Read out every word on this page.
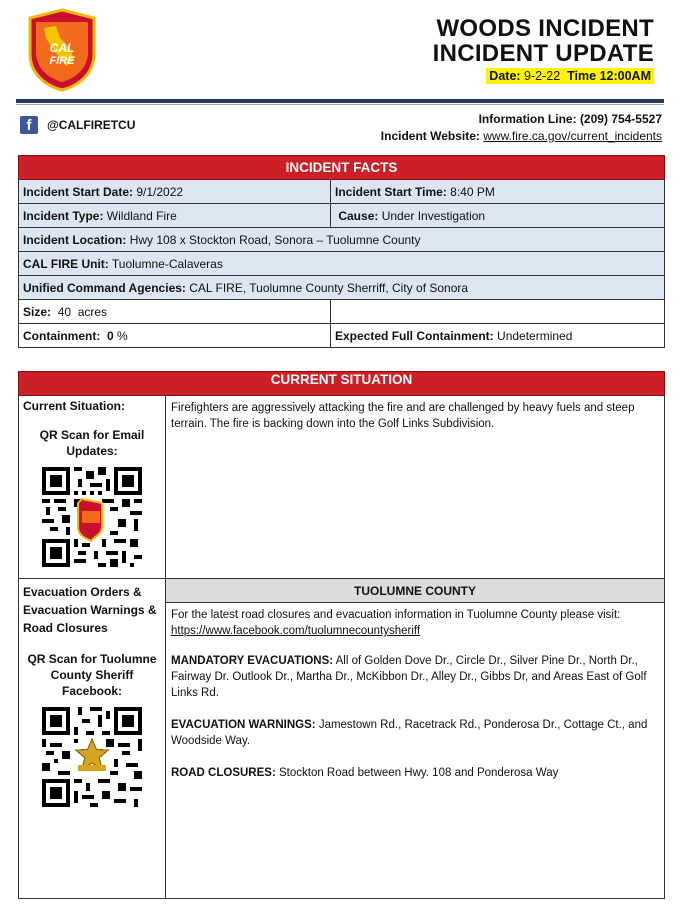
CAL
FIRE
WOODS INCIDENT
INCIDENT UPDATE
Date: 9-2-22 Time 12:00AM
f	@CALFIRETCU	Information Line: (209) 754-5527
Incident Website: www.fire.ca.gov/current_incidents
INCIDENT FACTS	
Incident Start Date: 9/1/2022	Incident Start Time: 8:40 PM
Incident Type: Wildland Fire	Cause: Under Investigation
Incident Location: Hwy 108 x Stockton Road, Sonora – Tuolumne County	
CAL FIRE Unit: Tuolumne-Calaveras	
Unified Command Agencies: CAL FIRE, Tuolumne County Sherriff, City of Sonora	
Size: 40  acres	
Containment: 0 %	Expected Full Containment: Undetermined
CURRENT SITUATION	

Current Situation:
QR Scan for Email Updates:	Firefighters are aggressively attacking the fire and are challenged by heavy fuels and steep terrain. The fire is backing down into the Golf Links Subdivision.

Evacuation Orders & Evacuation Warnings & Road Closures
QR Scan for Tuolumne County Sheriff Facebook:	TUOLUMNE COUNTY

	For the latest road closures and evacuation information in Tuolumne County please visit:
https://www.facebook.com/tuolumnecountysheriff

MANDATORY EVACUATIONS: All of Golden Dove Dr., Circle Dr., Silver Pine Dr., North Dr., Fairway Dr. Outlook Dr., Martha Dr., McKibbon Dr., Alley Dr., Gibbs Dr, and Areas East of Golf Links Rd.

EVACUATION WARNINGS: Jamestown Rd., Racetrack Rd., Ponderosa Dr., Cottage Ct., and Woodside Way.

ROAD CLOSURES: Stockton Road between Hwy. 108 and Ponderosa Way
